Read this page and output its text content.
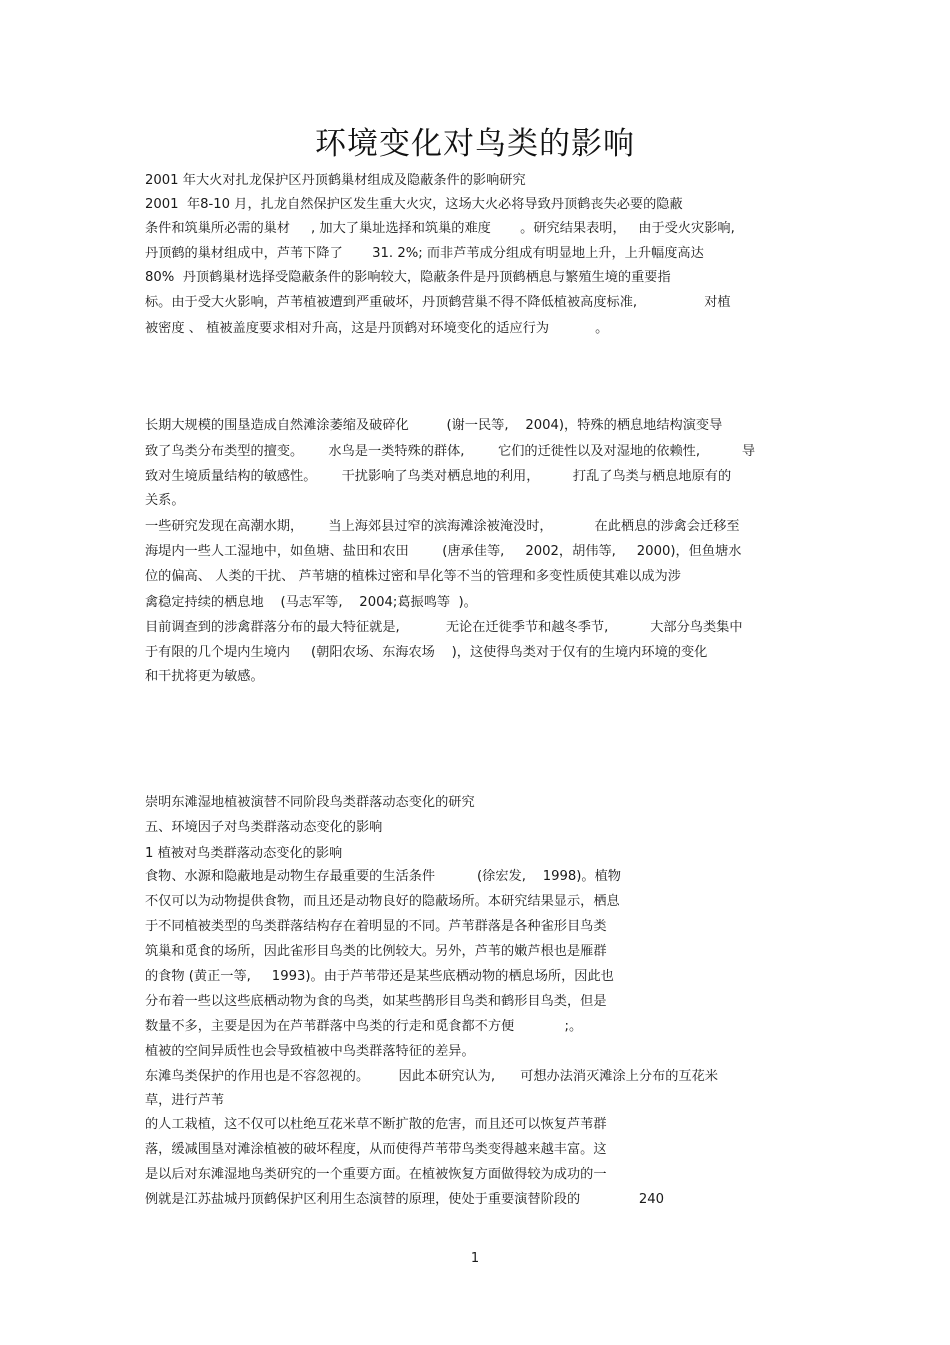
环境变化对鸟类的影响
2001 年大火对扎龙保护区丹顶鹤巢材组成及隐蔽条件的影响研究
2001  年8-10 月，扎龙自然保护区发生重大火灾，这场大火必将导致丹顶鹤丧失必要的隐蔽
条件和筑巢所必需的巢材     , 加大了巢址选择和筑巢的难度       。研究结果表明，   由于受火灾影响,
丹顶鹤的巢材组成中，芦苇下降了       31. 2%; 而非芦苇成分组成有明显地上升，上升幅度高达
80%  丹顶鹤巢材选择受隐蔽条件的影响较大，隐蔽条件是丹顶鹤栖息与繁殖生境的重要指
标。由于受大火影响，芦苇植被遭到严重破坏，丹顶鹤营巢不得不降低植被高度标准,                对植
被密度 、 植被盖度要求相对升高，这是丹顶鹤对环境变化的适应行为           。
长期大规模的围垦造成自然滩涂萎缩及破碎化         (谢一民等,    2004)，特殊的栖息地结构演变导
致了鸟类分布类型的擅变。      水鸟是一类特殊的群体,        它们的迁徙性以及对湿地的依赖性,          导
致对生境质量结构的敏感性。      干扰影响了鸟类对栖息地的利用，        打乱了鸟类与栖息地原有的
关系。
一些研究发现在高潮水期，      当上海郊县过窄的滨海滩涂被淹没时，          在此栖息的涉禽会迁移至
海堤内一些人工湿地中，如鱼塘、盐田和农田        (唐承佳等,     2002，胡伟等,     2000)，但鱼塘水
位的偏高、 人类的干扰、 芦苇塘的植株过密和旱化等不当的管理和多变性质使其难以成为涉
禽稳定持续的栖息地    (马志军等,    2004;葛振鸣等  )。
目前调查到的涉禽群落分布的最大特征就是,           无论在迁徙季节和越冬季节,          大部分鸟类集中
于有限的几个堤内生境内     (朝阳农场、东海农场    )，这使得鸟类对于仅有的生境内环境的变化
和干扰将更为敏感。
崇明东滩湿地植被演替不同阶段鸟类群落动态变化的研究
五、环境因子对鸟类群落动态变化的影响
1 植被对鸟类群落动态变化的影响
食物、水源和隐蔽地是动物生存最重要的生活条件          (徐宏发,    1998)。植物
不仅可以为动物提供食物，而且还是动物良好的隐蔽场所。本研究结果显示，栖息
于不同植被类型的鸟类群落结构存在着明显的不同。芦苇群落是各种雀形目鸟类
筑巢和觅食的场所，因此雀形目鸟类的比例较大。另外，芦苇的嫩芦根也是雁群
的食物 (黄正一等,     1993)。由于芦苇带还是某些底栖动物的栖息场所，因此也
分布着一些以这些底栖动物为食的鸟类，如某些鹊形目鸟类和鹤形目鸟类，但是
数量不多，主要是因为在芦苇群落中鸟类的行走和觅食都不方便            ;。
植被的空间异质性也会导致植被中鸟类群落特征的差异。
东滩鸟类保护的作用也是不容忽视的。       因此本研究认为,      可想办法消灭滩涂上分布的互花米
草，进行芦苇
的人工栽植，这不仅可以杜绝互花米草不断扩散的危害，而且还可以恢复芦苇群
落，缓减围垦对滩涂植被的破坏程度，从而使得芦苇带鸟类变得越来越丰富。这
是以后对东滩湿地鸟类研究的一个重要方面。在植被恢复方面做得较为成功的一
例就是江苏盐城丹顶鹤保护区利用生态演替的原理，使处于重要演替阶段的              240
1
